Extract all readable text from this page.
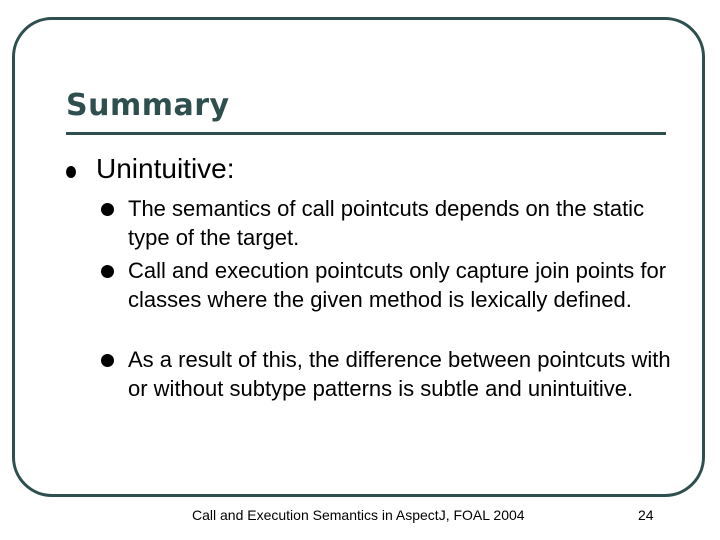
Summary
Unintuitive:
The semantics of call pointcuts depends on the static type of the target.
Call and execution pointcuts only capture join points for classes where the given method is lexically defined.
As a result of this, the difference between pointcuts with or without subtype patterns is subtle and unintuitive.
Call and Execution Semantics in AspectJ, FOAL 2004	24
